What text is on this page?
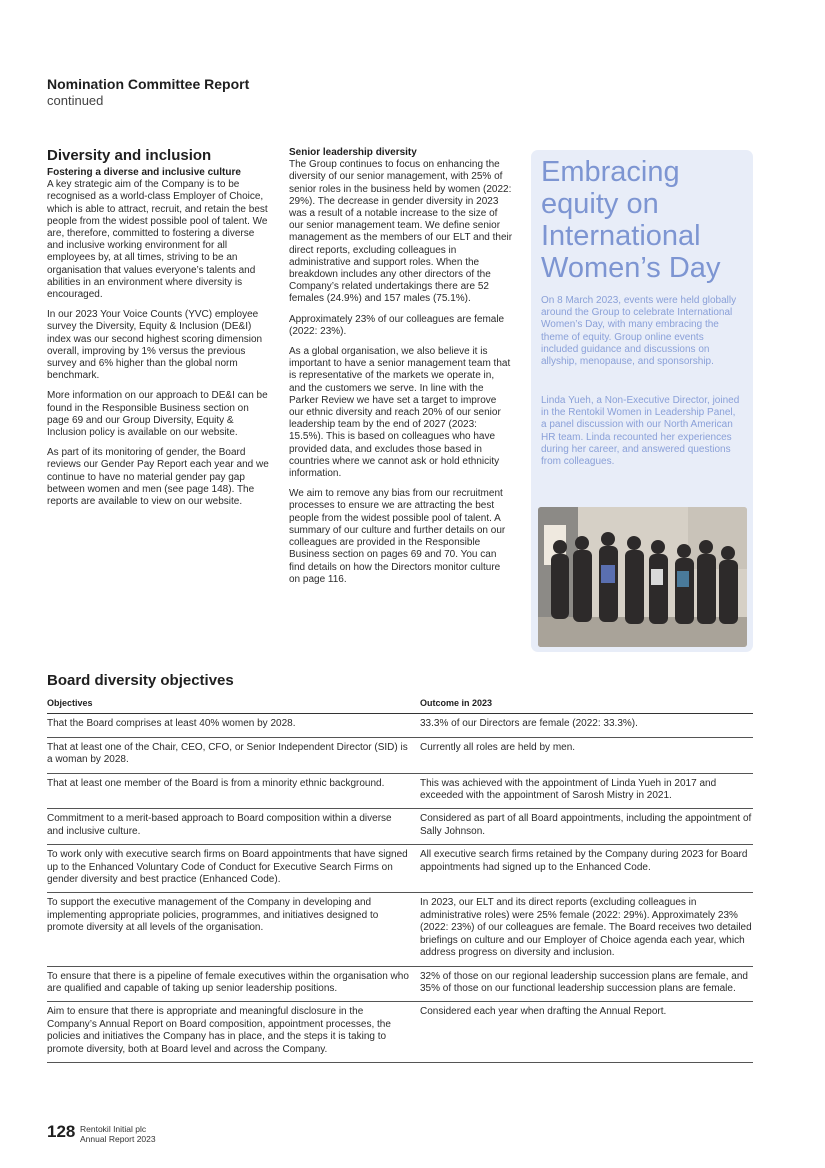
Nomination Committee Report
continued
Diversity and inclusion
Fostering a diverse and inclusive culture

A key strategic aim of the Company is to be recognised as a world-class Employer of Choice, which is able to attract, recruit, and retain the best people from the widest possible pool of talent. We are, therefore, committed to fostering a diverse and inclusive working environment for all employees by, at all times, striving to be an organisation that values everyone’s talents and abilities in an environment where diversity is encouraged.

In our 2023 Your Voice Counts (YVC) employee survey the Diversity, Equity & Inclusion (DE&I) index was our second highest scoring dimension overall, improving by 1% versus the previous survey and 6% higher than the global norm benchmark.

More information on our approach to DE&I can be found in the Responsible Business section on page 69 and our Group Diversity, Equity & Inclusion policy is available on our website.

As part of its monitoring of gender, the Board reviews our Gender Pay Report each year and we continue to have no material gender pay gap between women and men (see page 148). The reports are available to view on our website.

Senior leadership diversity

The Group continues to focus on enhancing the diversity of our senior management, with 25% of senior roles in the business held by women (2022: 29%). The decrease in gender diversity in 2023 was a result of a notable increase to the size of our senior management team. We define senior management as the members of our ELT and their direct reports, excluding colleagues in administrative and support roles. When the breakdown includes any other directors of the Company’s related undertakings there are 52 females (24.9%) and 157 males (75.1%).

Approximately 23% of our colleagues are female (2022: 23%).

As a global organisation, we also believe it is important to have a senior management team that is representative of the markets we operate in, and the customers we serve. In line with the Parker Review we have set a target to improve our ethnic diversity and reach 20% of our senior leadership team by the end of 2027 (2023: 15.5%). This is based on colleagues who have provided data, and excludes those based in countries where we cannot ask or hold ethnicity information.

We aim to remove any bias from our recruitment processes to ensure we are attracting the best people from the widest possible pool of talent. A summary of our culture and further details on our colleagues are provided in the Responsible Business section on pages 69 and 70. You can find details on how the Directors monitor culture on page 116.

Embracing equity on International Women’s Day

On 8 March 2023, events were held globally around the Group to celebrate International Women’s Day, with many embracing the theme of equity. Group online events included guidance and discussions on allyship, menopause, and sponsorship.

Linda Yueh, a Non-Executive Director, joined in the Rentokil Women in Leadership Panel, a panel discussion with our North American HR team. Linda recounted her experiences during her career, and answered questions from colleagues.

Board diversity objectives
Objectives	Outcome in 2023
That the Board comprises at least 40% women by 2028.	33.3% of our Directors are female (2022: 33.3%).
That at least one of the Chair, CEO, CFO, or Senior Independent Director (SID) is a woman by 2028.	Currently all roles are held by men.
That at least one member of the Board is from a minority ethnic background.	This was achieved with the appointment of Linda Yueh in 2017 and exceeded with the appointment of Sarosh Mistry in 2021.
Commitment to a merit-based approach to Board composition within a diverse and inclusive culture.	Considered as part of all Board appointments, including the appointment of Sally Johnson.
To work only with executive search firms on Board appointments that have signed up to the Enhanced Voluntary Code of Conduct for Executive Search Firms on gender diversity and best practice (Enhanced Code).	All executive search firms retained by the Company during 2023 for Board appointments had signed up to the Enhanced Code.
To support the executive management of the Company in developing and implementing appropriate policies, programmes, and initiatives designed to promote diversity at all levels of the organisation.	In 2023, our ELT and its direct reports (excluding colleagues in administrative roles) were 25% female (2022: 29%). Approximately 23% (2022: 23%) of our colleagues are female. The Board receives two detailed briefings on culture and our Employer of Choice agenda each year, which address progress on diversity and inclusion.
To ensure that there is a pipeline of female executives within the organisation who are qualified and capable of taking up senior leadership positions.	32% of those on our regional leadership succession plans are female, and 35% of those on our functional leadership succession plans are female.
Aim to ensure that there is appropriate and meaningful disclosure in the Company’s Annual Report on Board composition, appointment processes, the policies and initiatives the Company has in place, and the steps it is taking to promote diversity, both at Board level and across the Company.	Considered each year when drafting the Annual Report.
128 Rentokil Initial plc
Annual Report 2023
